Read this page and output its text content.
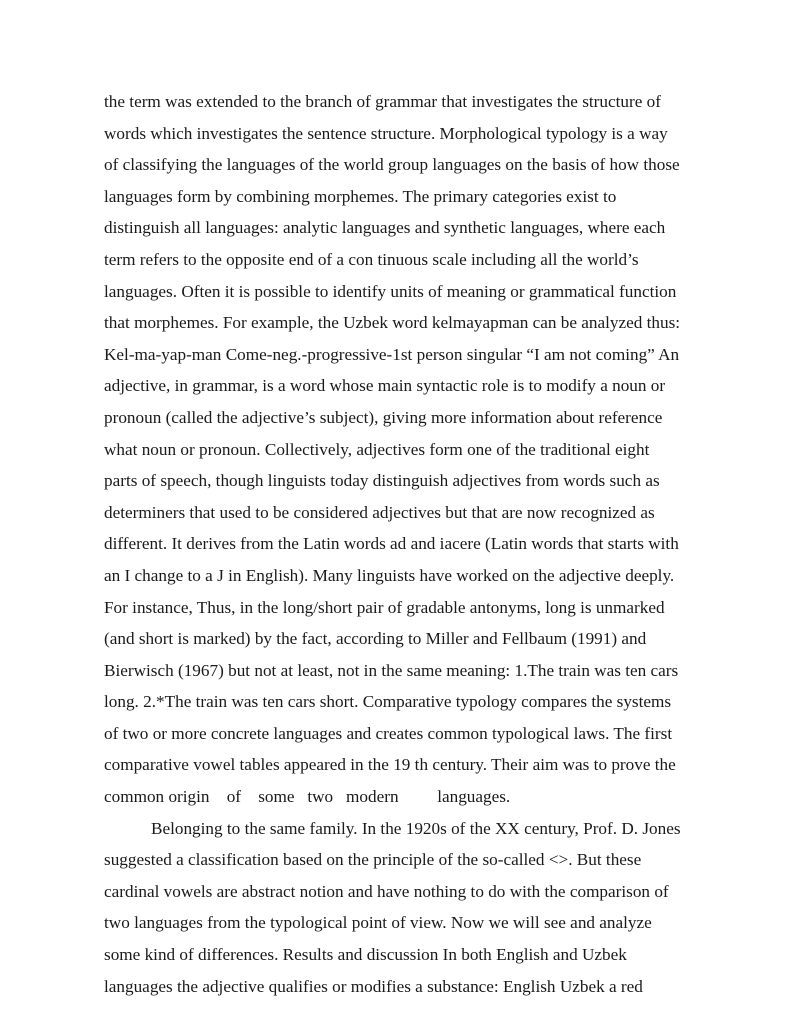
the term was extended to the branch of grammar that investigates the structure of
words which investigates the sentence structure. Morphological typology is a way
of classifying the languages of the world group languages on the basis of how those
languages form by combining morphemes. The primary categories exist to
distinguish all languages: analytic languages and synthetic languages, where each
term refers to the opposite end of a con tinuous scale including all the world’s
languages. Often it is possible to identify units of meaning or grammatical function
that morphemes. For example, the Uzbek word kelmayapman can be analyzed thus:
Kel-ma-yap-man Come-neg.-progressive-1st person singular “I am not coming” An
adjective, in grammar, is a word whose main syntactic role is to modify a noun or
pronoun (called the adjective’s subject), giving more information about reference
what noun or pronoun. Collectively, adjectives form one of the traditional eight
parts of speech, though linguists today distinguish adjectives from words such as
determiners that used to be considered adjectives but that are now recognized as
different. It derives from the Latin words ad and iacere (Latin words that starts with
an I change to a J in English). Many linguists have worked on the adjective deeply.
For instance, Thus, in the long/short pair of gradable antonyms, long is unmarked
(and short is marked) by the fact, according to Miller and Fellbaum (1991) and
Bierwisch (1967) but not at least, not in the same meaning: 1.The train was ten cars
long. 2.*The train was ten cars short. Comparative typology compares the systems
of two or more concrete languages and creates common typological laws. The first
comparative vowel tables appeared in the 19 th century. Their aim was to prove the
common origin    of    some   two   modern         languages.
Belonging to the same family. In the 1920s of the XX century, Prof. D. Jones
suggested a classification based on the principle of the so-called <>. But these
cardinal vowels are abstract notion and have nothing to do with the comparison of
two languages from the typological point of view. Now we will see and analyze
some kind of differences. Results and discussion In both English and Uzbek
languages the adjective qualifies or modifies a substance: English Uzbek a red
